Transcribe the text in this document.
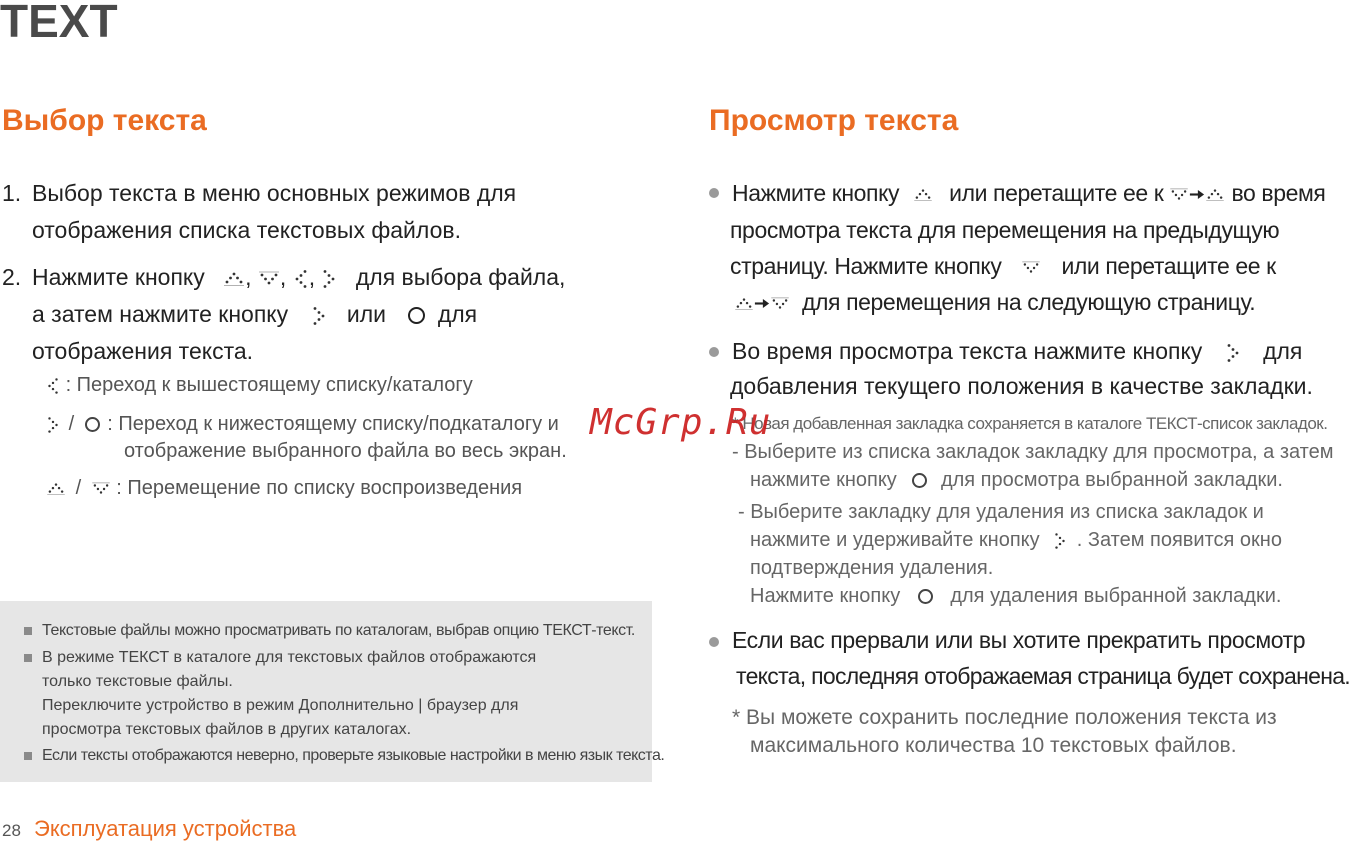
TEXT
Выбор текста
1. Выбор текста в меню основных режимов для
отображения списка текстовых файлов.
2. Нажмите кнопку , , , для выбора файла,
а затем нажмите кнопку	или для
отображения текста.
: Переход к вышестоящему списку/каталогу
/ : Переход к нижестоящему списку/подкаталогу и
отображение выбранного файла во весь экран.
/ : Перемещение по списку воспроизведения
Текстовые файлы можно просматривать по каталогам, выбрав опцию ТЕКСТ-текст.
В режиме ТЕКСТ в каталоге для текстовых файлов отображаются
только текстовые файлы.
Переключите устройство в режим Дополнительно | браузер для
просмотра текстовых файлов в других каталогах.
Если тексты отображаются неверно, проверьте языковые настройки в меню язык текста.
28 Эксплуатация устройства
Просмотр текста
Нажмите кнопку или перетащите ее к	во время
просмотра текста для перемещения на предыдущую
страницу. Нажмите кнопку	или перетащите ее к
для перемещения на следующую страницу.
Во время просмотра текста нажмите кнопку	для
добавления текущего положения в качестве закладки.
* Новая добавленная закладка сохраняется в каталоге ТЕКСТ-список закладок.
- Выберите из списка закладок закладку для просмотра, а затем
нажмите кнопку для просмотра выбранной закладки.
- Выберите закладку для удаления из списка закладок и
нажмите и удерживайте кнопку . Затем появится окно
подтверждения удаления.
Нажмите кнопку	для удаления выбранной закладки.
Если вас прервали или вы хотите прекратить просмотр
текста, последняя отображаемая страница будет сохранена.
* Вы можете сохранить последние положения текста из
максимального количества 10 текстовых файлов.
McGrp.Ru
